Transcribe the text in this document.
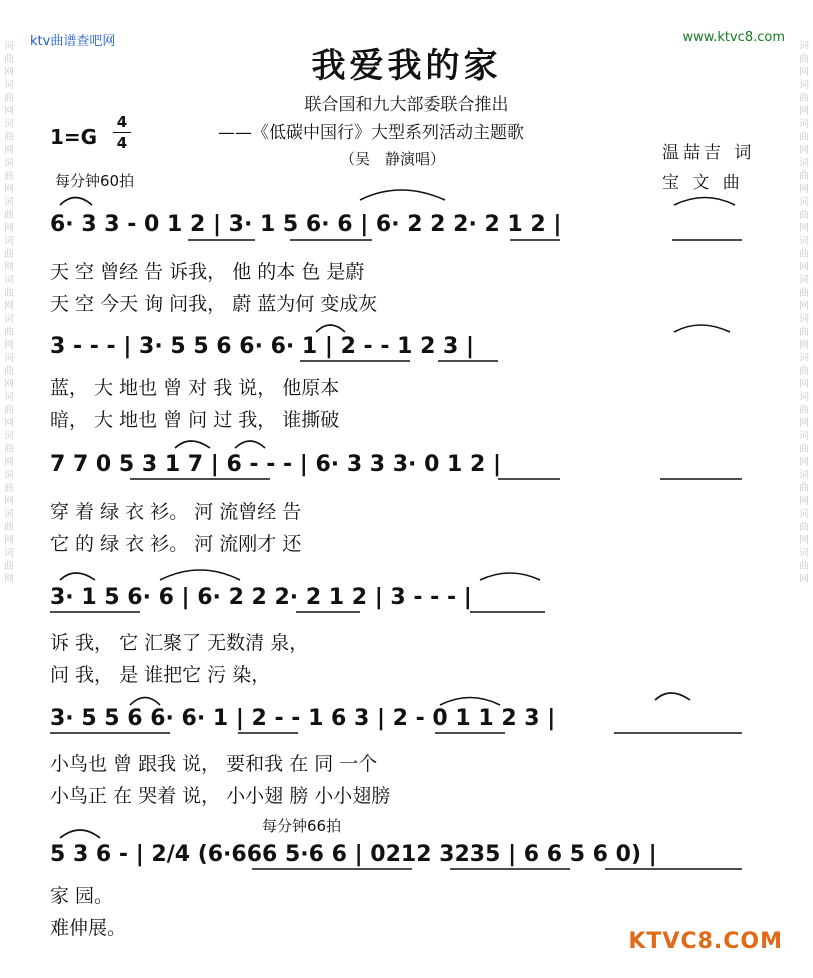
词曲网词曲网词曲网词曲网词曲网词曲网词曲网词曲网词曲网词曲网词曲网词曲网词曲网词曲网
词曲网词曲网词曲网词曲网词曲网词曲网词曲网词曲网词曲网词曲网词曲网词曲网词曲网词曲网
ktv曲谱查吧网	www.ktvc8.com
我爱我的家
联合国和九大部委联合推出
——《低碳中国行》大型系列活动主题歌
（吴　静演唱）
1=G
4
4
每分钟60拍
温喆吉 词
宝 文 曲
6· 3 3 - 0 1 2 | 3· 1 5 6· 6 | 6· 2 2 2· 2 1 2 |
天 空 曾经 告 诉我， 他 的本 色 是蔚
天 空 今天 询 问我， 蔚 蓝为何 变成灰
3 - - - | 3· 5 5 6 6· 6· 1 | 2 - - 1 2 3 |
蓝， 大 地也 曾 对 我 说， 他原本
暗， 大 地也 曾 问 过 我， 谁撕破
7 7 0 5 3 1 7 | 6 - - - | 6· 3 3 3· 0 1 2 |
穿 着 绿 衣 衫。 河 流曾经 告
它 的 绿 衣 衫。 河 流刚才 还
3· 1 5 6· 6 | 6· 2 2 2· 2 1 2 | 3 - - - |
诉 我， 它 汇聚了 无数清 泉，
问 我， 是 谁把它 污 染，
3· 5 5 6 6· 6· 1 | 2 - - 1 6 3 | 2 - 0 1 1 2 3 |
小鸟也 曾 跟我 说， 要和我 在 同 一个
小鸟正 在 哭着 说， 小小翅 膀 小小翅膀
每分钟66拍
5 3 6 - | 2/4 (6·666 5·6 6 | 0212 3235 | 6 6 5 6 0) |
家 园。
难伸展。
KTVC8.COM
